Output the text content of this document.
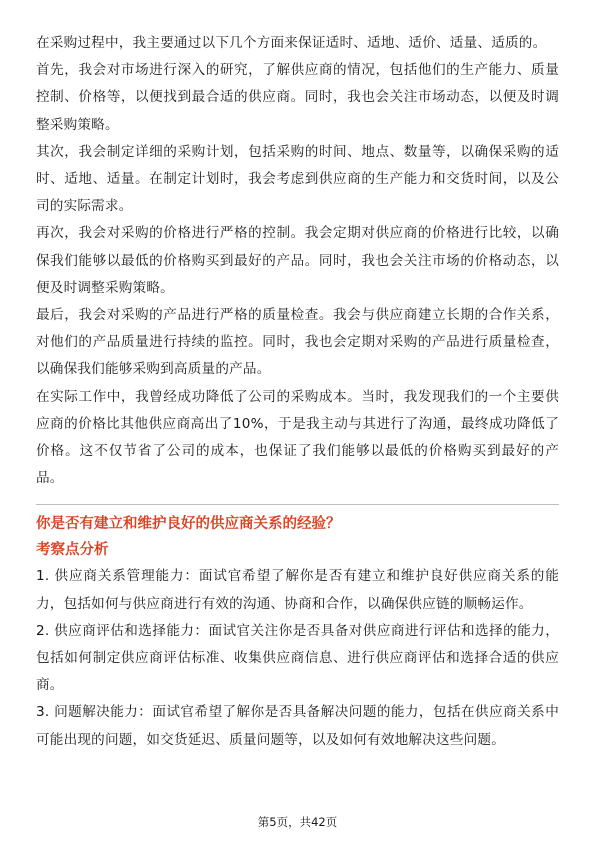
在采购过程中，我主要通过以下几个方面来保证适时、适地、适价、适量、适质的。

首先，我会对市场进行深入的研究，了解供应商的情况，包括他们的生产能力、质量控制、价格等，以便找到最合适的供应商。同时，我也会关注市场动态，以便及时调整采购策略。

其次，我会制定详细的采购计划，包括采购的时间、地点、数量等，以确保采购的适时、适地、适量。在制定计划时，我会考虑到供应商的生产能力和交货时间，以及公司的实际需求。

再次，我会对采购的价格进行严格的控制。我会定期对供应商的价格进行比较，以确保我们能够以最低的价格购买到最好的产品。同时，我也会关注市场的价格动态，以便及时调整采购策略。

最后，我会对采购的产品进行严格的质量检查。我会与供应商建立长期的合作关系，对他们的产品质量进行持续的监控。同时，我也会定期对采购的产品进行质量检查，以确保我们能够采购到高质量的产品。

在实际工作中，我曾经成功降低了公司的采购成本。当时，我发现我们的一个主要供应商的价格比其他供应商高出了10%，于是我主动与其进行了沟通，最终成功降低了价格。这不仅节省了公司的成本，也保证了我们能够以最低的价格购买到最好的产品。

你是否有建立和维护良好的供应商关系的经验？

考察点分析

1. 供应商关系管理能力：面试官希望了解你是否有建立和维护良好供应商关系的能力，包括如何与供应商进行有效的沟通、协商和合作，以确保供应链的顺畅运作。

2. 供应商评估和选择能力：面试官关注你是否具备对供应商进行评估和选择的能力，包括如何制定供应商评估标准、收集供应商信息、进行供应商评估和选择合适的供应商。

3. 问题解决能力：面试官希望了解你是否具备解决问题的能力，包括在供应商关系中可能出现的问题，如交货延迟、质量问题等，以及如何有效地解决这些问题。

第5页，共42页
